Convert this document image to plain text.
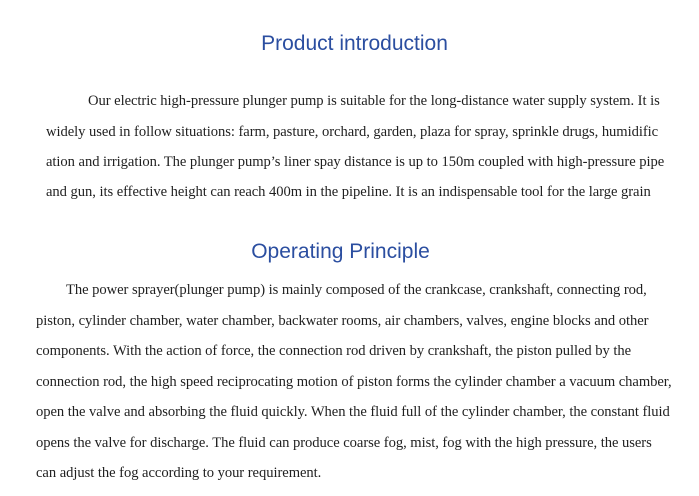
Product introduction
Our electric high-pressure plunger pump is suitable for the long-distance water supply system. It is
widely used in follow situations: farm, pasture, orchard, garden, plaza for spray, sprinkle drugs, humidific
ation and irrigation. The plunger pump’s liner spay distance is up to 150m coupled with high-pressure pipe
and gun, its effective height can reach 400m in the pipeline. It is an indispensable tool for the large grain
Operating Principle
The power sprayer(plunger pump) is mainly composed of the crankcase, crankshaft, connecting rod,
piston, cylinder chamber, water chamber, backwater rooms, air chambers, valves, engine blocks and other
components. With the action of force, the connection rod driven by crankshaft, the piston pulled by the
connection rod, the high speed reciprocating motion of piston forms the cylinder chamber a vacuum chamber,
open the valve and absorbing the fluid quickly. When the fluid full of the cylinder chamber, the constant fluid
opens the valve for discharge. The fluid can produce coarse fog, mist, fog with the high pressure, the users
can adjust the fog according to your requirement.
